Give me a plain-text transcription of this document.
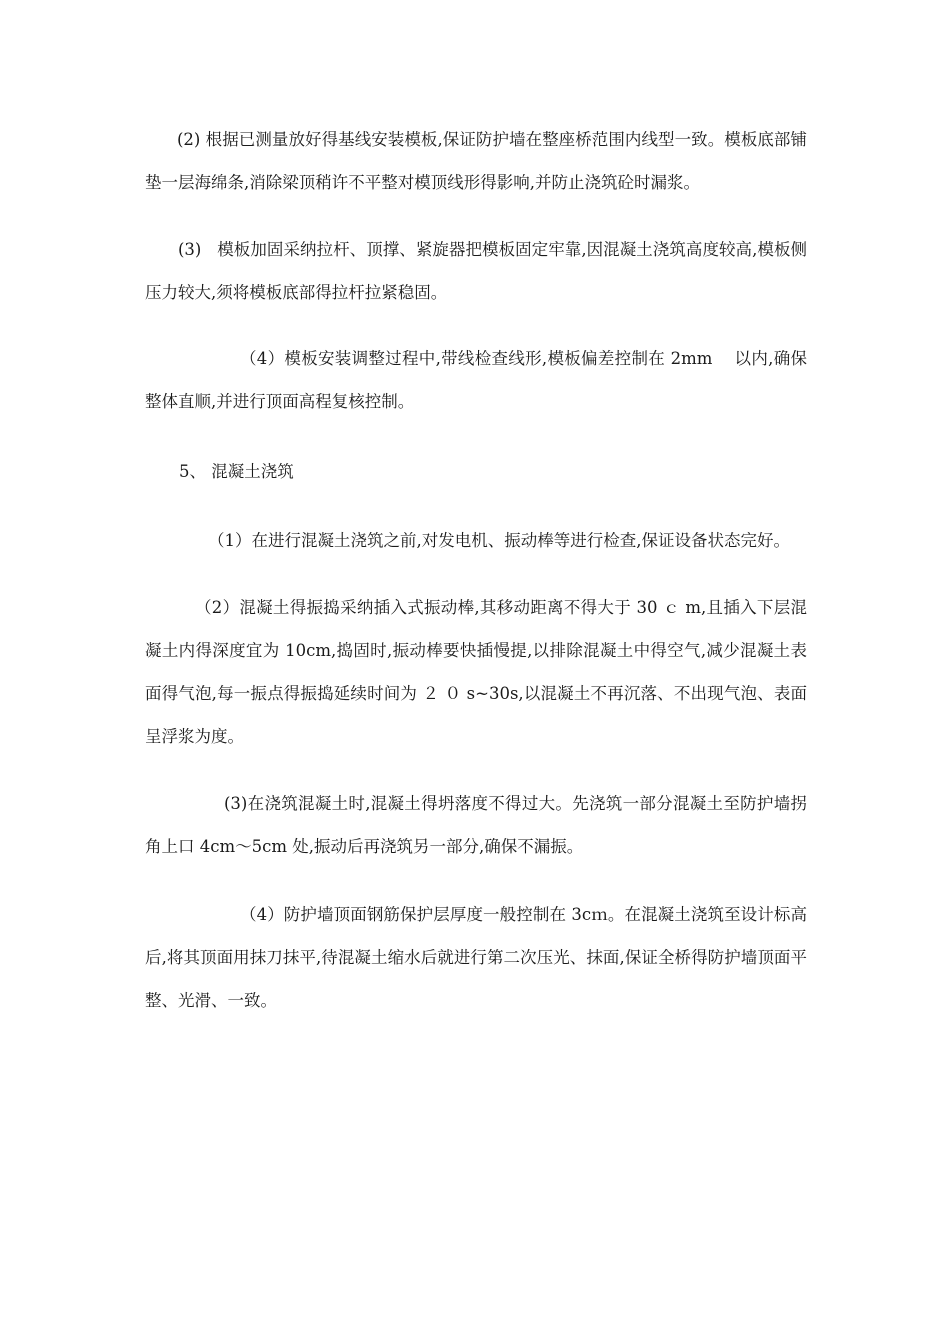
(2) 根据已测量放好得基线安装模板,保证防护墙在整座桥范围内线型一致。模板底部铺垫一层海绵条,消除梁顶稍许不平整对模顶线形得影响,并防止浇筑砼时漏浆。

(3)   模板加固采纳拉杆、顶撑、紧旋器把模板固定牢靠,因混凝土浇筑高度较高,模板侧压力较大,须将模板底部得拉杆拉紧稳固。

（4）模板安装调整过程中,带线检查线形,模板偏差控制在 2mm    以内,确保整体直顺,并进行顶面高程复核控制。

5、 混凝土浇筑

（1）在进行混凝土浇筑之前,对发电机、振动棒等进行检查,保证设备状态完好。

（2）混凝土得振捣采纳插入式振动棒,其移动距离不得大于 30 ｃ m,且插入下层混凝土内得深度宜为 10cm,捣固时,振动棒要快插慢提,以排除混凝土中得空气,减少混凝土表面得气泡,每一振点得振捣延续时间为 ２ ０ s~30s,以混凝土不再沉落、不出现气泡、表面呈浮浆为度。

(3)在浇筑混凝土时,混凝土得坍落度不得过大。先浇筑一部分混凝土至防护墙拐角上口 4cm～5cm 处,振动后再浇筑另一部分,确保不漏振。

（4）防护墙顶面钢筋保护层厚度一般控制在 3cｍ。在混凝土浇筑至设计标高后,将其顶面用抹刀抹平,待混凝土缩水后就进行第二次压光、抹面,保证全桥得防护墙顶面平整、光滑、一致。
